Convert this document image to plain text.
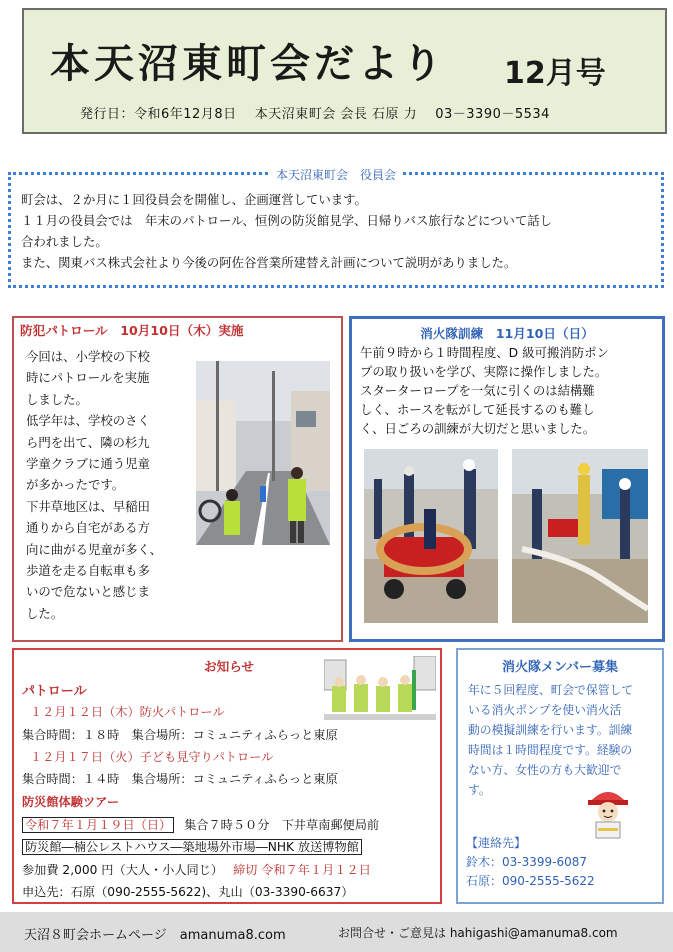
本天沼東町会だより 12月号
発行日：令和6年12月8日　 本天沼東町会 会長 石原 力　 03－3390－5534
本天沼東町会　役員会
町会は、２か月に１回役員会を開催し、企画運営しています。
１１月の役員会では　年末のパトロール、恒例の防災館見学、日帰りバス旅行などについて話し
合われました。
また、関東バス株式会社より今後の阿佐谷営業所建替え計画について説明がありました。
防犯パトロール　10月10日（木）実施
今回は、小学校の下校
時にパトロールを実施
しました。
低学年は、学校のさく
ら門を出て、隣の杉九
学童クラブに通う児童
が多かったです。
下井草地区は、早稲田
通りから自宅がある方
向に曲がる児童が多く、
歩道を走る自転車も多
いので危ないと感じま
した。
消火隊訓練　11月10日（日）
午前９時から１時間程度、D 級可搬消防ポン
プの取り扱いを学び、実際に操作しました。
スターターロープを一気に引くのは結構難
しく、ホースを転がして延長するのも難し
く、日ごろの訓練が大切だと思いました。
お知らせ
パトロール
１２月１２日（木）防火パトロール
集合時間：１８時　集合場所：コミュニティふらっと東原
１２月１７日（火）子ども見守りパトロール
集合時間：１４時　集合場所：コミュニティふらっと東原
防災館体験ツアー
令和７年１月１９日（日） 集合７時５０分　下井草南郵便局前
防災館―楠公レストハウス―築地場外市場―NHK 放送博物館
参加費 2,000 円（大人・小人同じ） 締切 令和７年１月１２日
申込先：石原（090-2555-5622)、丸山（03-3390-6637）
消火隊メンバー募集
年に５回程度、町会で保管して
いる消火ポンプを使い消火活
動の模擬訓練を行います。訓練
時間は１時間程度です。経験の
ない方、女性の方も大歓迎で
す。
【連絡先】
鈴木：03-3399-6087
石原：090-2555-5622
天沼８町会ホームページ　amanuma8.com	お問合せ・ご意見は hahigashi@amanuma8.com
